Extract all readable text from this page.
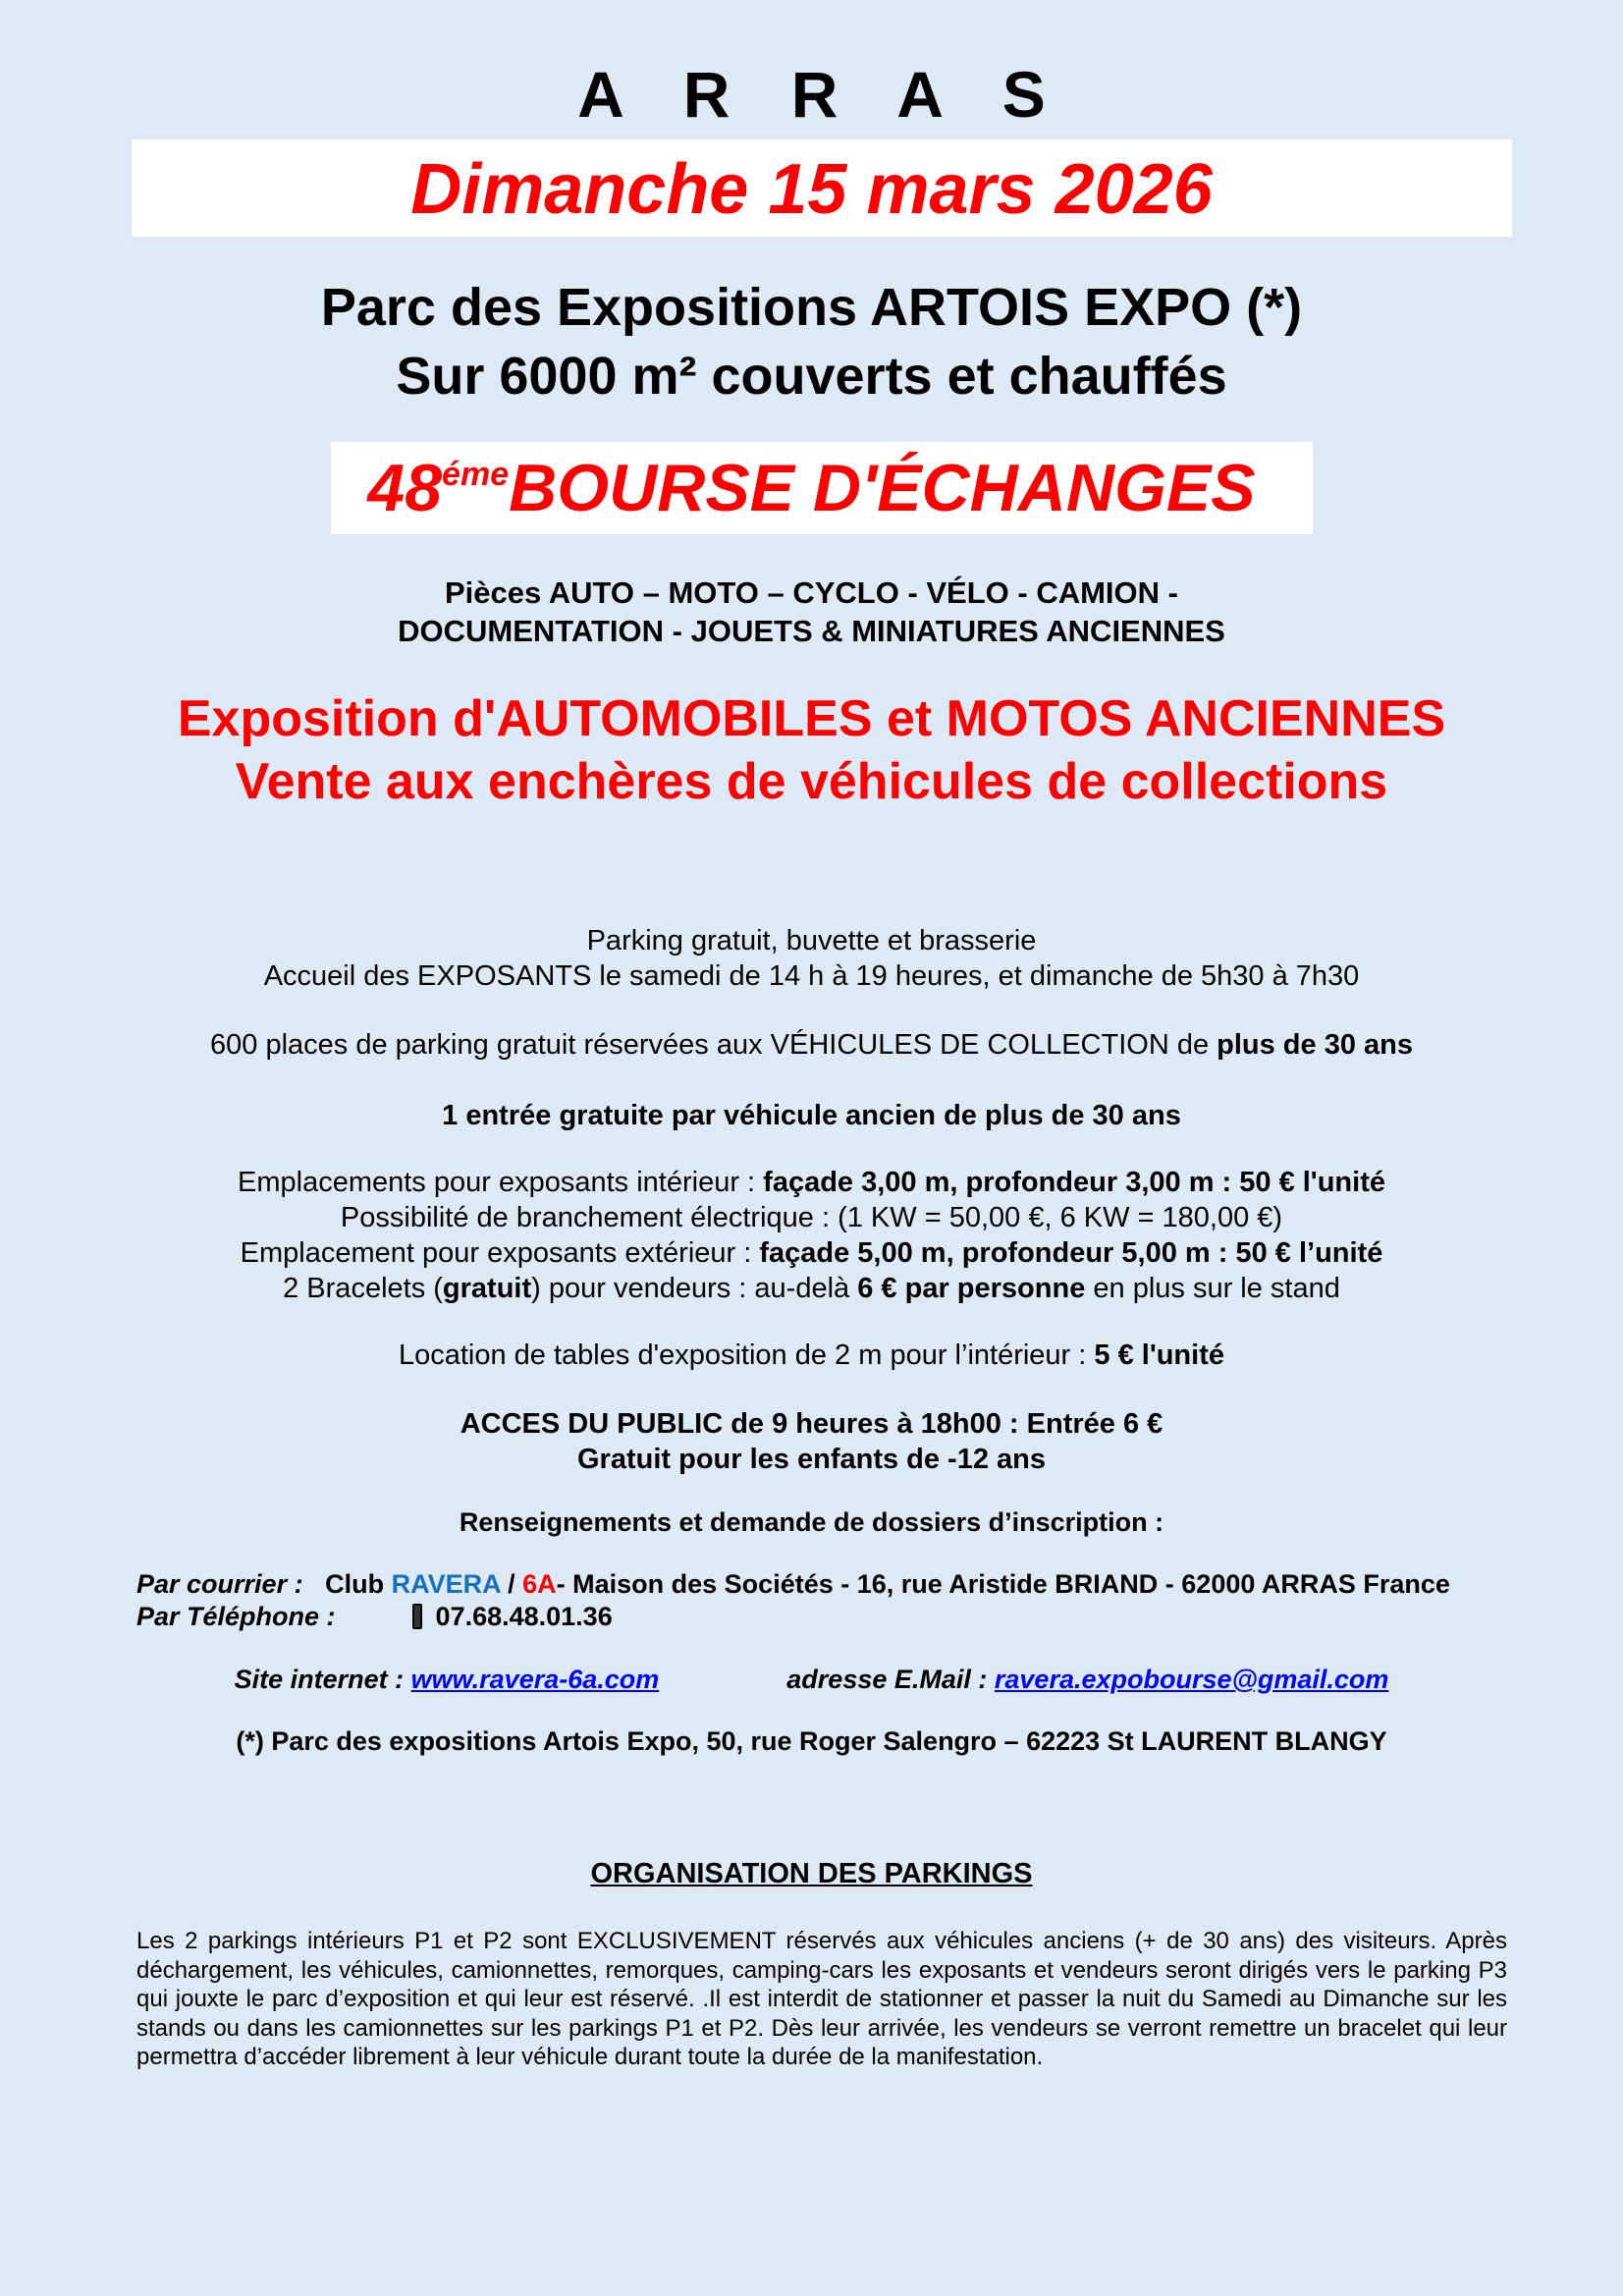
A R R A S
Dimanche 15 mars 2026
Parc des Expositions ARTOIS EXPO (*)
Sur 6000 m² couverts et chauffés
$48^{éme}BOURSE$ D'ÉCHANGES
Pièces AUTO – MOTO – CYCLO - VÉLO - CAMION -
DOCUMENTATION - JOUETS & MINIATURES ANCIENNES
Exposition d'AUTOMOBILES et MOTOS ANCIENNES
Vente aux enchères de véhicules de collections
Parking gratuit, buvette et brasserie
Accueil des EXPOSANTS le samedi de 14 h à 19 heures, et dimanche de 5h30 à 7h30
600 places de parking gratuit réservées aux VÉHICULES DE COLLECTION de plus de 30 ans
1 entrée gratuite par véhicule ancien de plus de 30 ans
Emplacements pour exposants intérieur : façade 3,00 m, profondeur 3,00 m : 50 € l'unité
Possibilité de branchement électrique : (1 KW = 50,00 €, 6 KW = 180,00 €)
Emplacement pour exposants extérieur : façade 5,00 m, profondeur 5,00 m : 50 € l’unité
2 Bracelets (gratuit) pour vendeurs : au-delà 6 € par personne en plus sur le stand
Location de tables d'exposition de 2 m pour l’intérieur : 5 € l'unité
ACCES DU PUBLIC de 9 heures à 18h00 : Entrée 6 €
Gratuit pour les enfants de -12 ans
Renseignements et demande de dossiers d’inscription :
Par courrier : Club RAVERA / 6A- Maison des Sociétés - 16, rue Aristide BRIAND - 62000 ARRAS France
Par Téléphone :	07.68.48.01.36
Site internet : www.ravera-6a.com	adresse E.Mail : ravera.expobourse@gmail.com
(*) Parc des expositions Artois Expo, 50, rue Roger Salengro – 62223 St LAURENT BLANGY
ORGANISATION DES PARKINGS
Les 2 parkings intérieurs P1 et P2 sont EXCLUSIVEMENT réservés aux véhicules anciens (+ de 30 ans) des visiteurs. Après déchargement, les véhicules, camionnettes, remorques, camping-cars les exposants et vendeurs seront dirigés vers le parking P3 qui jouxte le parc d’exposition et qui leur est réservé. .Il est interdit de stationner et passer la nuit du Samedi au Dimanche sur les stands ou dans les camionnettes sur les parkings P1 et P2. Dès leur arrivée, les vendeurs se verront remettre un bracelet qui leur permettra d’accéder librement à leur véhicule durant toute la durée de la manifestation.
